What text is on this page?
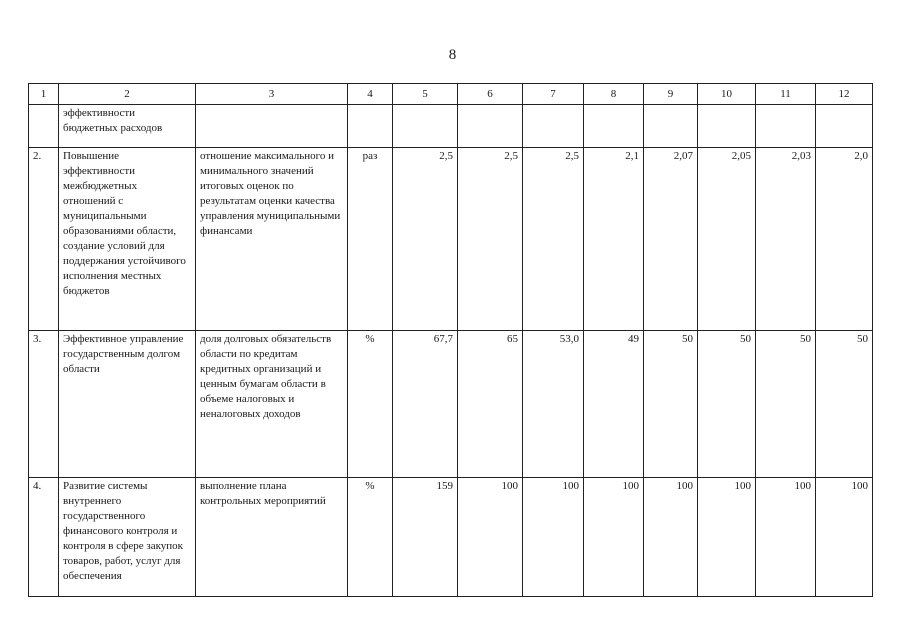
8
1	2	3	4	5	6	7	8	9	10	11	12
	эффективности бюджетных расходов										
2.	Повышение эффективности межбюджетных отношений с муниципальными образованиями области, создание условий для поддержания устойчивого исполнения местных бюджетов	отношение максимального и минимального значений итоговых оценок по результатам оценки качества управления муниципальными финансами	раз	2,5	2,5	2,5	2,1	2,07	2,05	2,03	2,0
3.	Эффективное управление государственным долгом области	доля долговых обязательств области по кредитам кредитных организаций и ценным бумагам области в объеме налоговых и неналоговых доходов	%	67,7	65	53,0	49	50	50	50	50
4.	Развитие системы внутреннего государственного финансового контроля и контроля в сфере закупок товаров, работ, услуг для обеспечения	выполнение плана контрольных мероприятий	%	159	100	100	100	100	100	100	100
